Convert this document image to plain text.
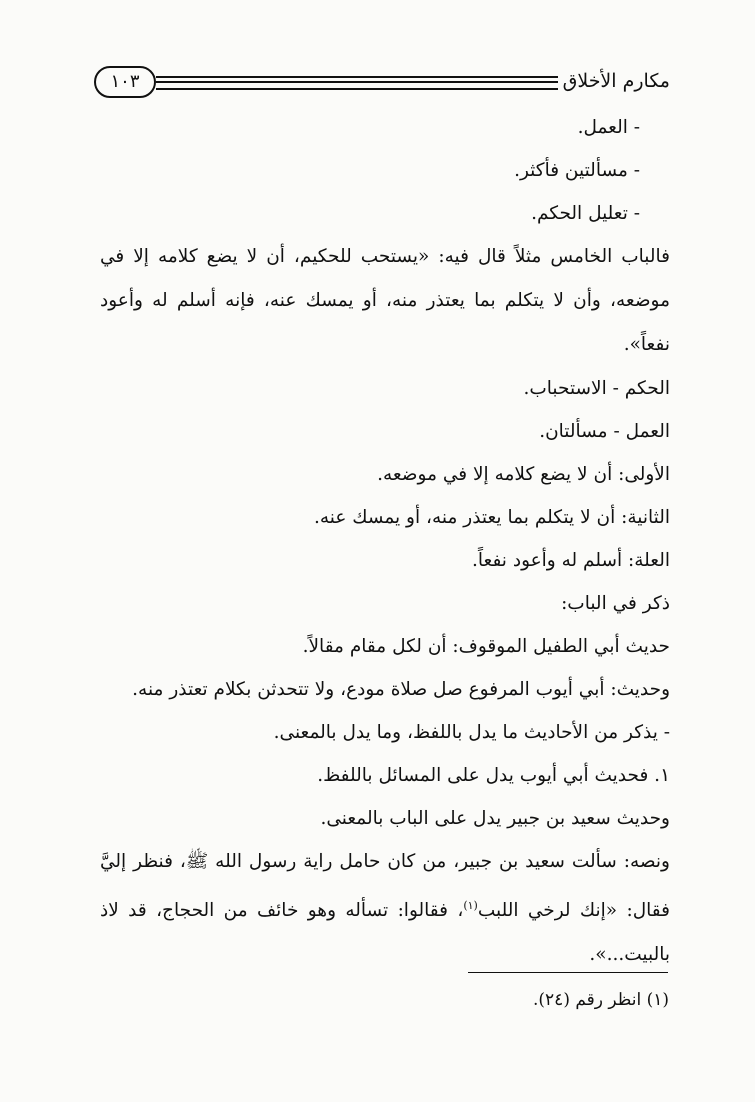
١٠٣	مكارم الأخلاق
- العمل.
- مسألتين فأكثر.
- تعليل الحكم.
فالباب الخامس مثلاً قال فيه: «يستحب للحكيم، أن لا يضع كلامه إلا في موضعه، وأن لا يتكلم بما يعتذر منه، أو يمسك عنه، فإنه أسلم له وأعود نفعاً».
الحكم - الاستحباب.
العمل - مسألتان.
الأولى: أن لا يضع كلامه إلا في موضعه.
الثانية: أن لا يتكلم بما يعتذر منه، أو يمسك عنه.
العلة: أسلم له وأعود نفعاً.
ذكر في الباب:
حديث أبي الطفيل الموقوف: أن لكل مقام مقالاً.
وحديث: أبي أيوب المرفوع صل صلاة مودع، ولا تتحدثن بكلام تعتذر منه.
- يذكر من الأحاديث ما يدل باللفظ، وما يدل بالمعنى.
١. فحديث أبي أيوب يدل على المسائل باللفظ.
وحديث سعيد بن جبير يدل على الباب بالمعنى.
ونصه: سألت سعيد بن جبير، من كان حامل راية رسول الله ﷺ، فنظر إليَّ فقال: «إنك لرخي اللبب$^{(١)}$، فقالوا: تسأله وهو خائف من الحجاج، قد لاذ بالبيت...».
(١) انظر رقم (٢٤).
